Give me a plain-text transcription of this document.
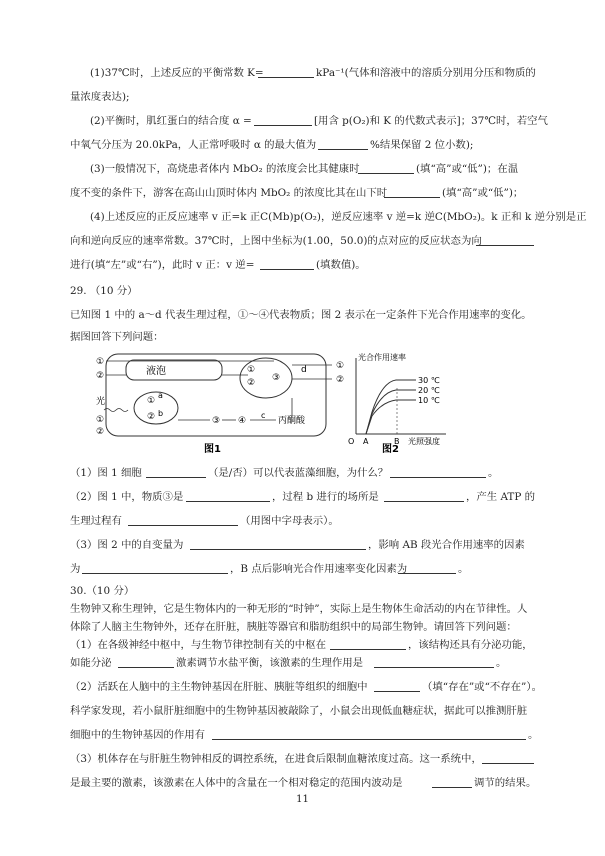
(1)37℃时，上述反应的平衡常数 K=	kPa⁻¹(气体和溶液中的溶质分别用分压和物质的
量浓度表达);
(2)平衡时，肌红蛋白的结合度 α =	[用含 p(O₂)和 K 的代数式表示]；37℃时，若空气
中氧气分压为 20.0kPa，人正常呼吸时 α 的最大值为	%结果保留 2 位小数);
(3)一般情况下，高烧患者体内 MbO₂ 的浓度会比其健康时	(填“高”或“低”)；在温
度不变的条件下，游客在高山山顶时体内 MbO₂ 的浓度比其在山下时	(填“高”或“低”)；
(4)上述反应的正反应速率 v 正=k 正C(Mb)p(O₂)，逆反应速率 v 逆=k 逆C(MbO₂)。k 正和 k 逆分别是正
向和逆向反应的速率常数。37℃时，上图中坐标为(1.00，50.0)的点对应的反应状态为向
进行(填“左”或“右”)，此时 v 正：v 逆=	(填数值)。
29. （10 分）
已知图 1 中的 a～d 代表生理过程，①～④代表物质；图 2 表示在一定条件下光合作用速率的变化。
据图回答下列问题：
液泡
①
②
①
② ③
d
①
②
a
b
①
②
光
①
②
③ ④
c
丙酮酸
图1
光合作用速率
光照强度
O A	B
30 ℃
20 ℃
10 ℃
图2
（1）图 1 细胞	（是/否）可以代表蓝藻细胞，为什么？	。
（2）图 1 中，物质③是	，过程 b 进行的场所是	，产生 ATP 的
生理过程有	（用图中字母表示）。
（3）图 2 中的自变量为	，影响 AB 段光合作用速率的因素
为	，B 点后影响光合作用速率变化因素为	。
30.（10 分）
生物钟又称生理钟，它是生物体内的一种无形的“时钟”，实际上是生物体生命活动的内在节律性。人
体除了人脑主生物钟外，还存在肝脏，胰脏等器官和脂肪组织中的局部生物钟。请回答下列问题：
（1）在各级神经中枢中，与生物节律控制有关的中枢在	，该结构还具有分泌功能，
如能分泌	激素调节水盐平衡，该激素的生理作用是	。
（2）活跃在人脑中的主生物钟基因在肝脏、胰脏等组织的细胞中	（填“存在”或“不存在”）。
科学家发现，若小鼠肝脏细胞中的生物钟基因被敲除了，小鼠会出现低血糖症状，据此可以推测肝脏
细胞中的生物钟基因的作用有	。
（3）机体存在与肝脏生物钟相反的调控系统，在进食后限制血糖浓度过高。这一系统中，
是最主要的激素，该激素在人体中的含量在一个相对稳定的范围内波动是	调节的结果。
11
